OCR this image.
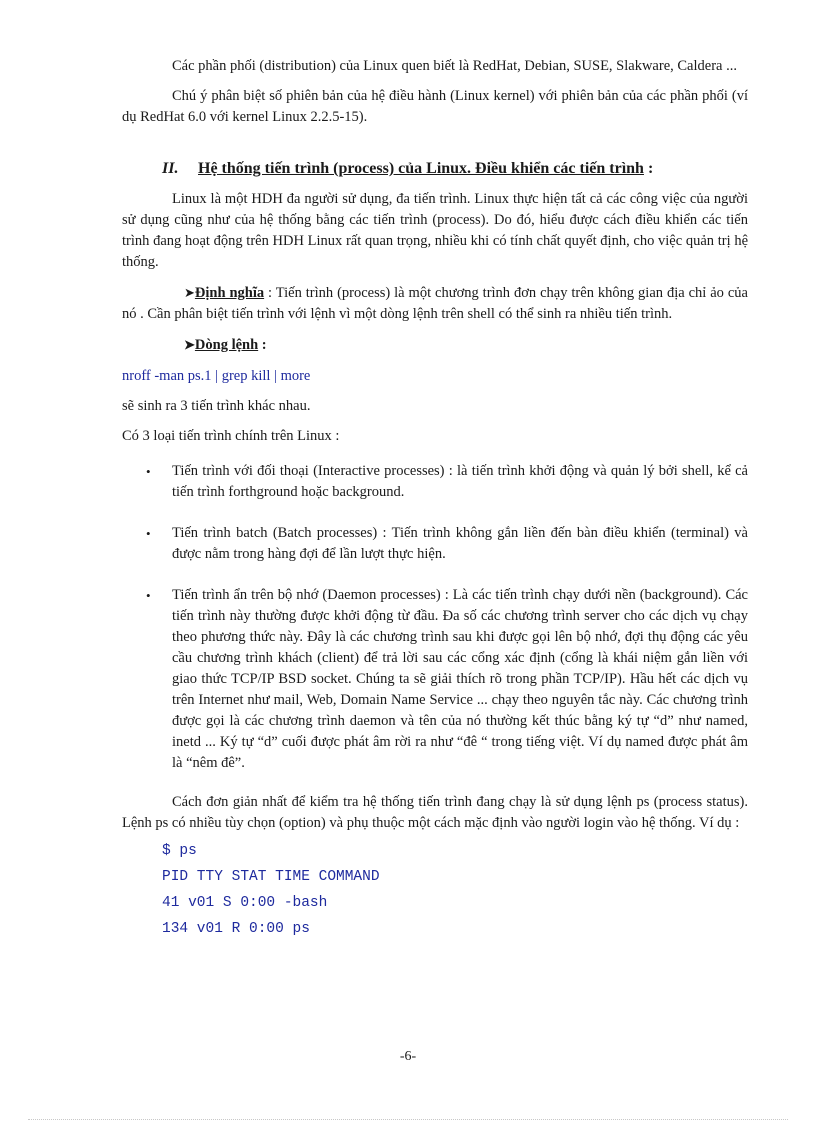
Các phần phối (distribution) của Linux quen biết là RedHat, Debian, SUSE, Slakware, Caldera ...

Chú ý phân biệt số phiên bản của hệ điều hành (Linux kernel) với phiên bản của các phần phối (ví dụ RedHat 6.0 với kernel Linux 2.2.5-15).

II. Hệ thống tiến trình (process) của Linux. Điều khiển các tiến trình :

Linux là một HDH đa người sử dụng, đa tiến trình. Linux thực hiện tất cả các công việc của người sử dụng cũng như của hệ thống bằng các tiến trình (process). Do đó, hiểu được cách điều khiển các tiến trình đang hoạt động trên HDH Linux rất quan trọng, nhiều khi có tính chất quyết định, cho việc quản trị hệ thống.

➤Định nghĩa : Tiến trình (process) là một chương trình đơn chạy trên không gian địa chỉ ảo của nó . Cần phân biệt tiến trình với lệnh vì một dòng lệnh trên shell có thể sinh ra nhiều tiến trình.

➤Dòng lệnh :

nroff -man ps.1 | grep kill | more

sẽ sinh ra 3 tiến trình khác nhau.

Có 3 loại tiến trình chính trên Linux :

• Tiến trình với đối thoại (Interactive processes) : là tiến trình khởi động và quản lý bởi shell, kể cả tiến trình forthground hoặc background.
• Tiến trình batch (Batch processes) : Tiến trình không gắn liền đến bàn điều khiển (terminal) và được nằm trong hàng đợi để lần lượt thực hiện.
• Tiến trình ẩn trên bộ nhớ (Daemon processes) : Là các tiến trình chạy dưới nền (background). Các tiến trình này thường được khởi động từ đầu. Đa số các chương trình server cho các dịch vụ chạy theo phương thức này. Đây là các chương trình sau khi được gọi lên bộ nhớ, đợi thụ động các yêu cầu chương trình khách (client) để trả lời sau các cổng xác định (cổng là khái niệm gắn liền với giao thức TCP/IP BSD socket. Chúng ta sẽ giải thích rõ trong phần TCP/IP). Hầu hết các dịch vụ trên Internet như mail, Web, Domain Name Service ... chạy theo nguyên tắc này. Các chương trình được gọi là các chương trình daemon và tên của nó thường kết thúc bằng ký tự “d” như named, inetd ... Ký tự “d” cuối được phát âm rời ra như “đê “ trong tiếng việt. Ví dụ named được phát âm là “nêm đê”.

Cách đơn giản nhất để kiểm tra hệ thống tiến trình đang chạy là sử dụng lệnh ps (process status). Lệnh ps có nhiều tùy chọn (option) và phụ thuộc một cách mặc định vào người login vào hệ thống. Ví dụ :

$ ps
PID TTY STAT TIME COMMAND
41 v01 S 0:00 -bash
134 v01 R 0:00 ps
-6-
